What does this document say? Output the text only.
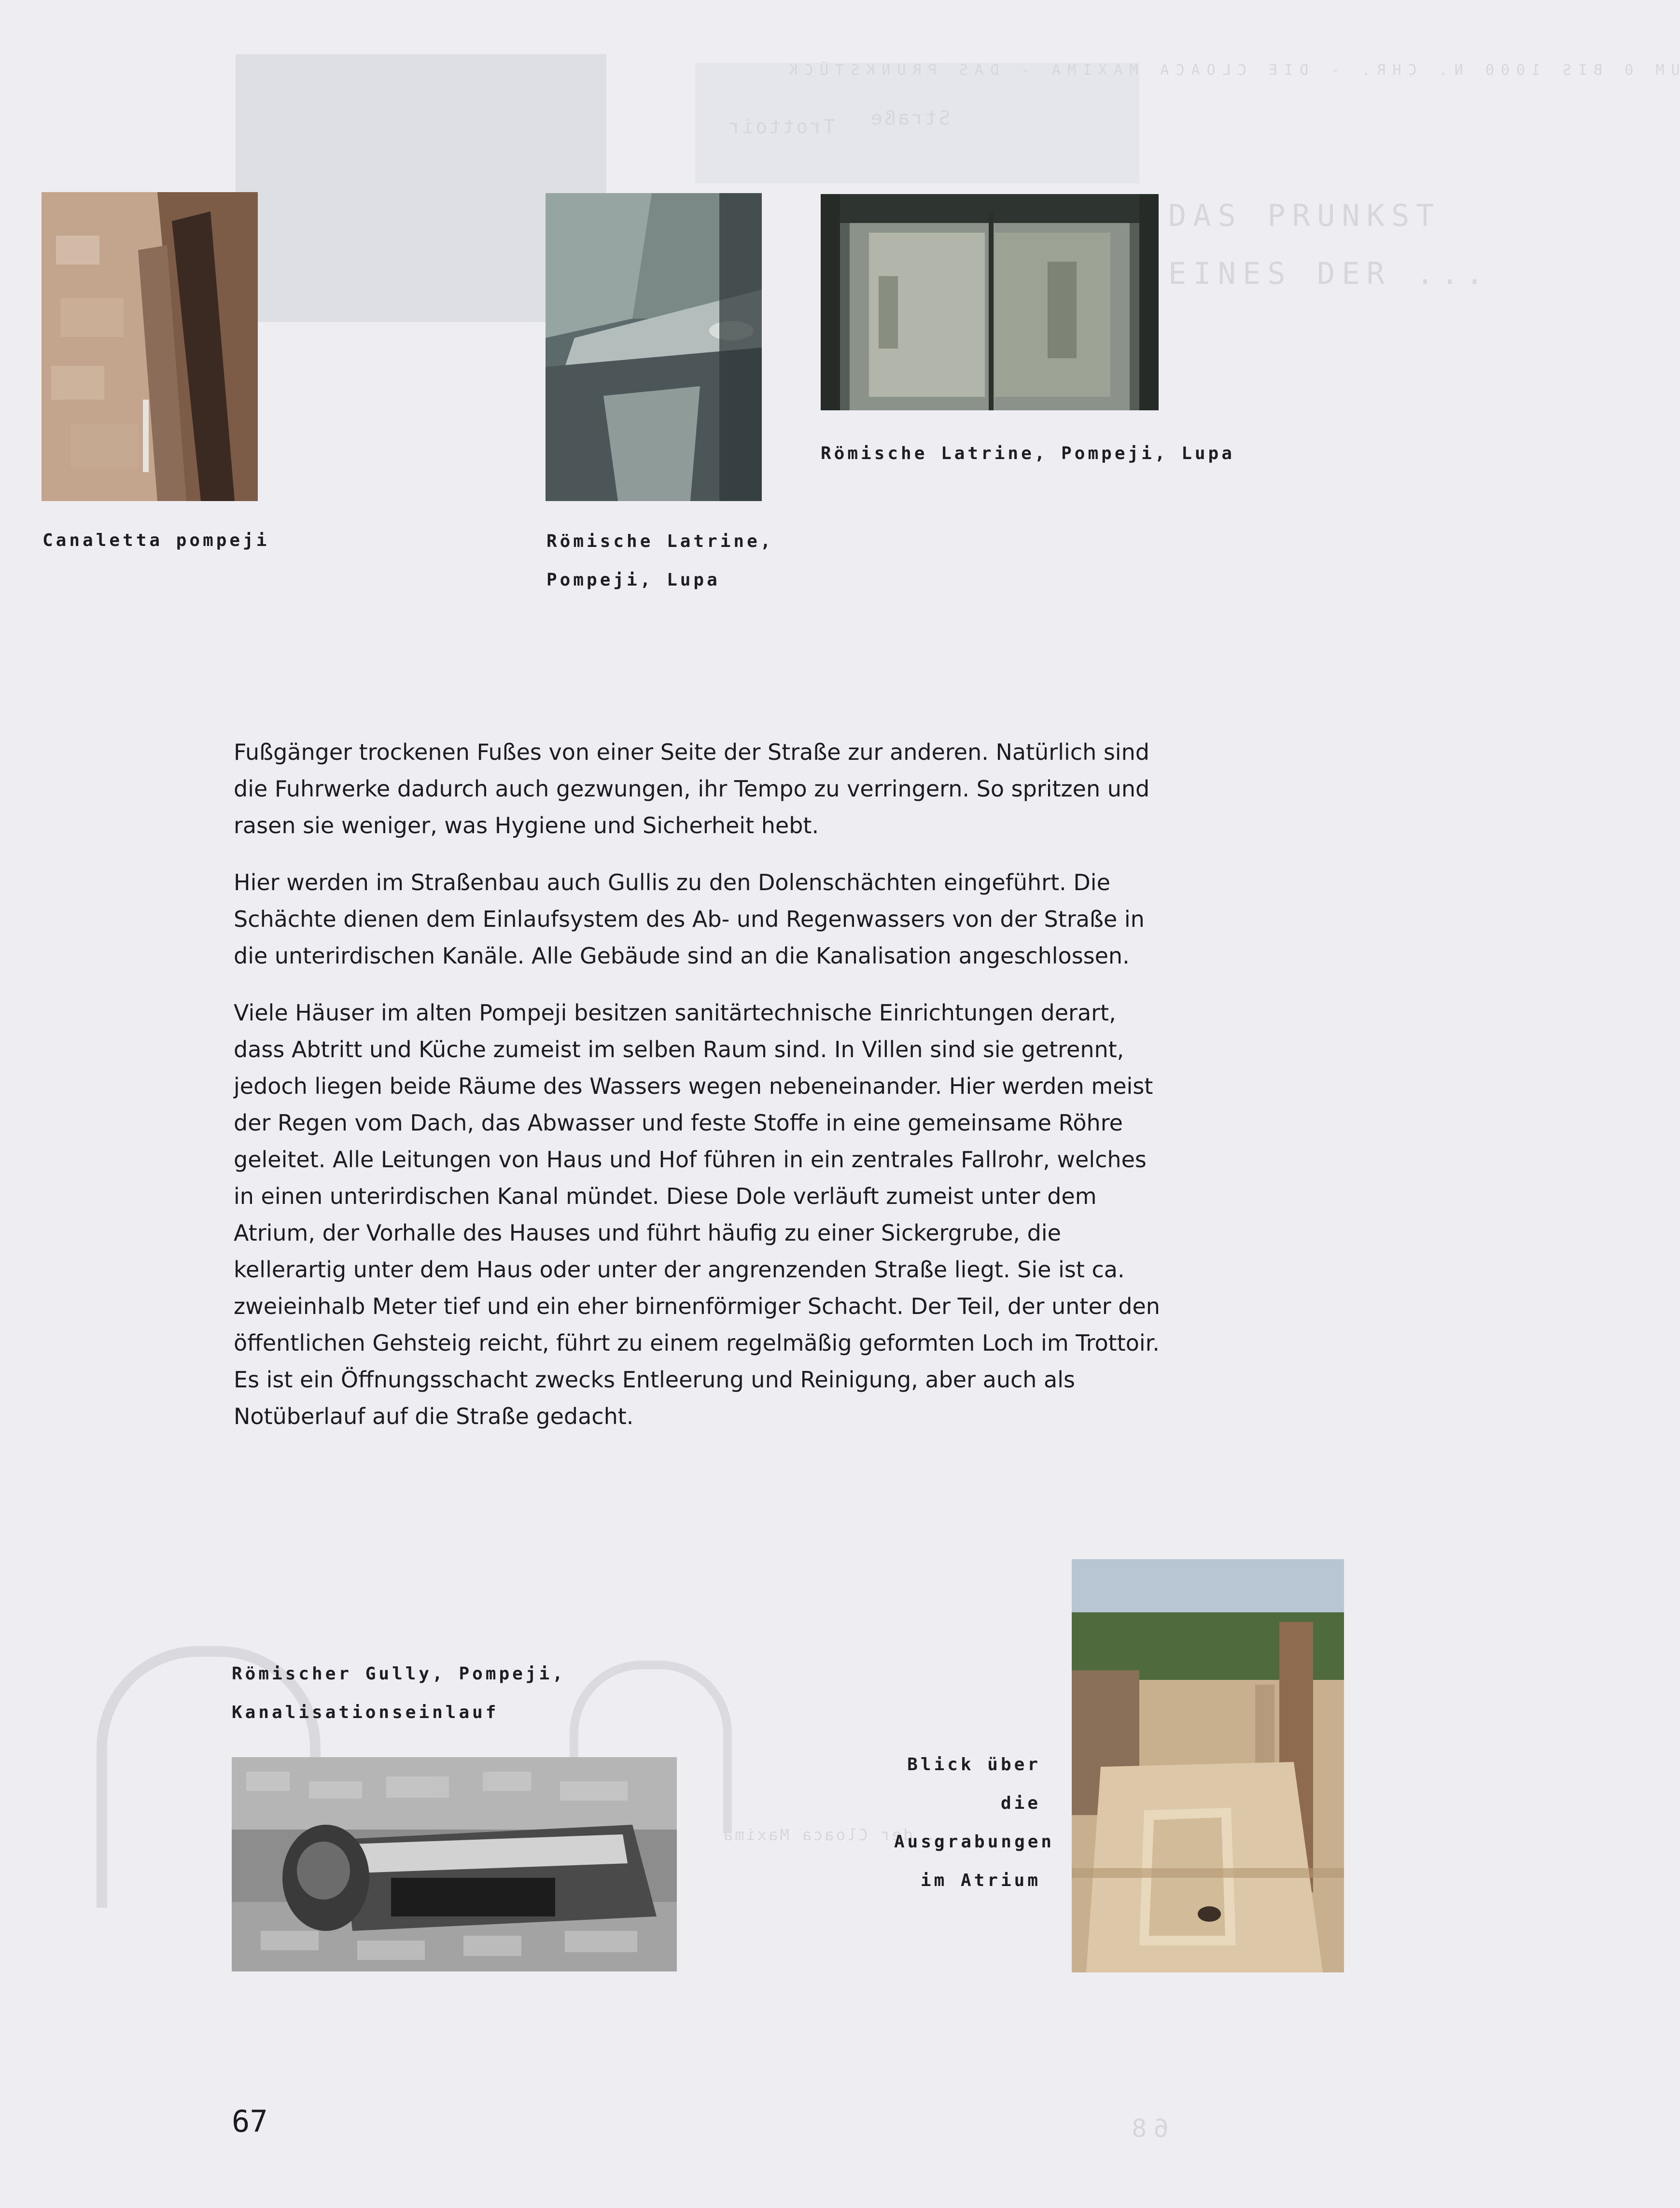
UM 0 BIS 1000 N. CHR. - DIE CLOACA MAXIMA - DAS PRUNKSTÜCK
Trottoir Straße
DAS PRUNKST
EINES DER ...
... der Cloaca Maxima
68

Canaletta pompeji	Römische Latrine,
Pompeji, Lupa

Römische Latrine, Pompeji, Lupa

Römischer Gully, Pompeji,
Kanalisationseinlauf

Blick über die
Ausgrabungen
im Atrium

Fußgänger trockenen Fußes von einer Seite der Straße zur anderen. Natürlich sind die Fuhrwerke dadurch auch gezwungen, ihr Tempo zu verringern. So spritzen und rasen sie weniger, was Hygiene und Sicherheit hebt.

Hier werden im Straßenbau auch Gullis zu den Dolenschächten eingeführt. Die Schächte dienen dem Einlaufsystem des Ab- und Regenwassers von der Straße in die unterirdischen Kanäle. Alle Gebäude sind an die Kanalisation angeschlossen.

Viele Häuser im alten Pompeji besitzen sanitärtechnische Einrichtungen derart, dass Abtritt und Küche zumeist im selben Raum sind. In Villen sind sie getrennt, jedoch liegen beide Räume des Wassers wegen nebeneinander. Hier werden meist der Regen vom Dach, das Abwasser und feste Stoffe in eine gemeinsame Röhre geleitet. Alle Leitungen von Haus und Hof führen in ein zentrales Fallrohr, welches in einen unterirdischen Kanal mündet. Diese Dole verläuft zumeist unter dem Atrium, der Vorhalle des Hauses und führt häufig zu einer Sickergrube, die kellerartig unter dem Haus oder unter der angrenzenden Straße liegt. Sie ist ca. zweieinhalb Meter tief und ein eher birnenförmiger Schacht. Der Teil, der unter den öffentlichen Gehsteig reicht, führt zu einem regelmäßig geformten Loch im Trottoir. Es ist ein Öffnungsschacht zwecks Entleerung und Reinigung, aber auch als Notüberlauf auf die Straße gedacht.

67
